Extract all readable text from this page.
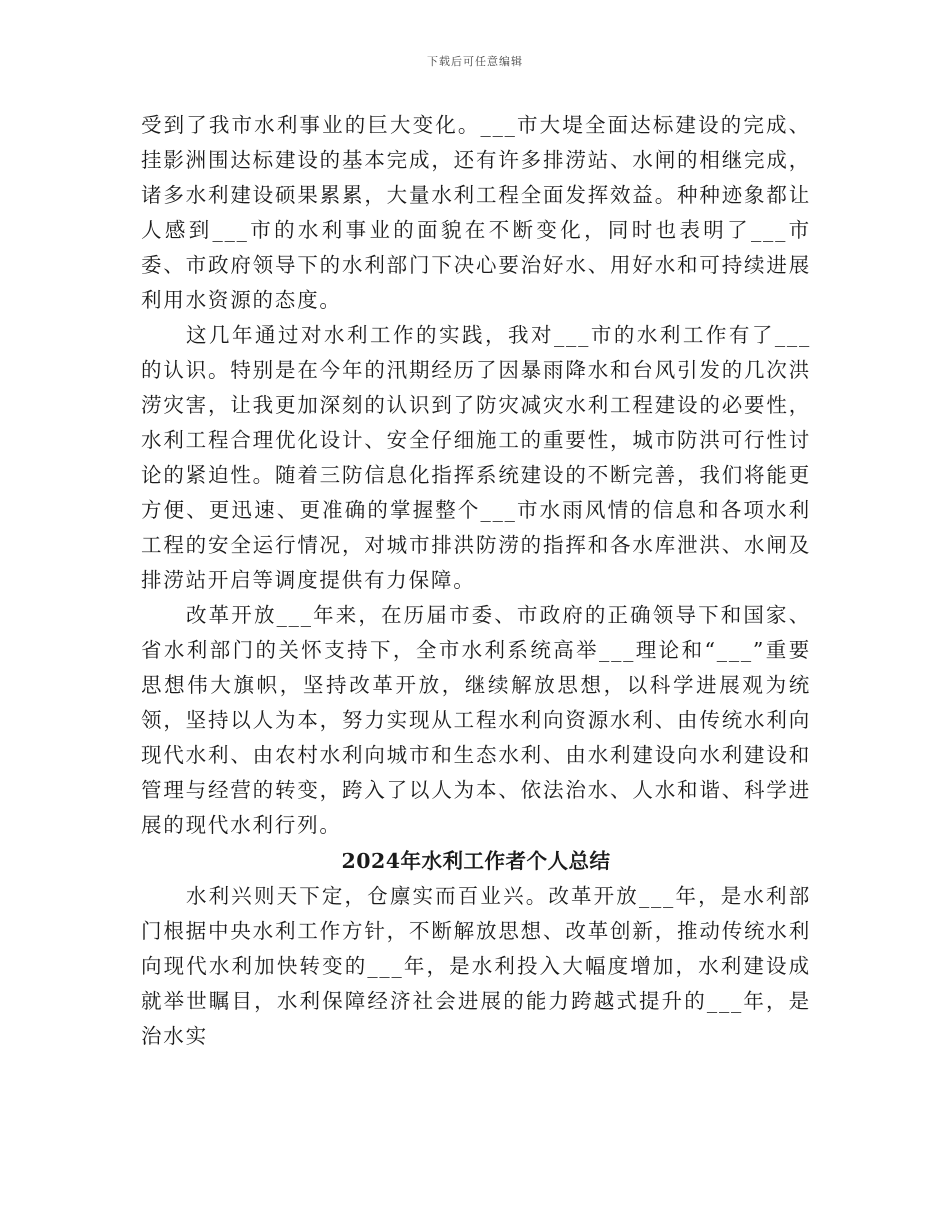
下载后可任意编辑

受到了我市水利事业的巨大变化。___市大堤全面达标建设的完成、挂影洲围达标建设的基本完成，还有许多排涝站、水闸的相继完成，诸多水利建设硕果累累，大量水利工程全面发挥效益。种种迹象都让人感到___市的水利事业的面貌在不断变化，同时也表明了___市委、市政府领导下的水利部门下决心要治好水、用好水和可持续进展利用水资源的态度。

这几年通过对水利工作的实践，我对___市的水利工作有了___的认识。特别是在今年的汛期经历了因暴雨降水和台风引发的几次洪涝灾害，让我更加深刻的认识到了防灾减灾水利工程建设的必要性，水利工程合理优化设计、安全仔细施工的重要性，城市防洪可行性讨论的紧迫性。随着三防信息化指挥系统建设的不断完善，我们将能更方便、更迅速、更准确的掌握整个___市水雨风情的信息和各项水利工程的安全运行情况，对城市排洪防涝的指挥和各水库泄洪、水闸及排涝站开启等调度提供有力保障。

改革开放___年来，在历届市委、市政府的正确领导下和国家、省水利部门的关怀支持下，全市水利系统高举___理论和“___”重要思想伟大旗帜，坚持改革开放，继续解放思想，以科学进展观为统领，坚持以人为本，努力实现从工程水利向资源水利、由传统水利向现代水利、由农村水利向城市和生态水利、由水利建设向水利建设和管理与经营的转变，跨入了以人为本、依法治水、人水和谐、科学进展的现代水利行列。

2024年水利工作者个人总结

水利兴则天下定，仓廪实而百业兴。改革开放___年，是水利部门根据中央水利工作方针，不断解放思想、改革创新，推动传统水利向现代水利加快转变的___年，是水利投入大幅度增加，水利建设成就举世瞩目，水利保障经济社会进展的能力跨越式提升的___年，是治水实
